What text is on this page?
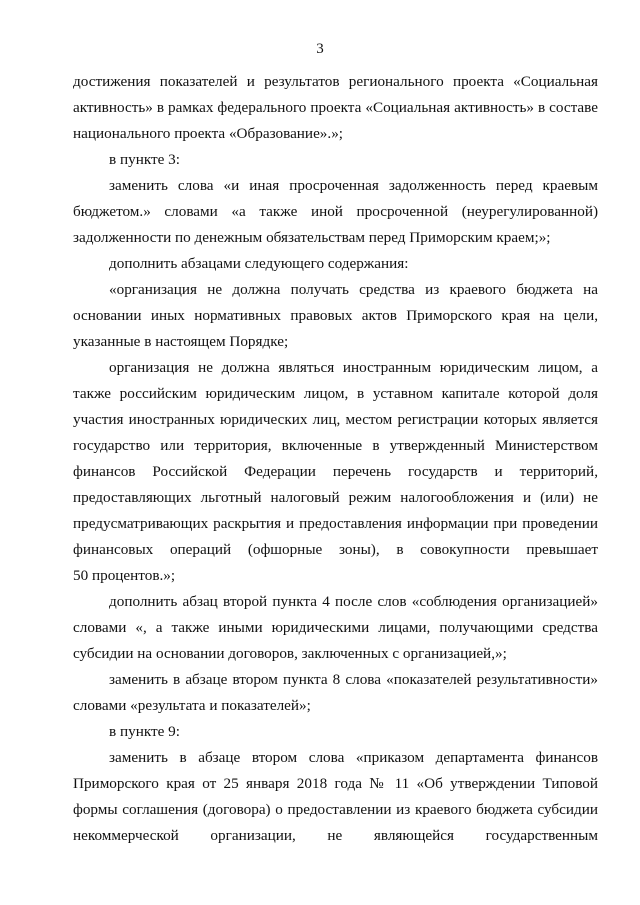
3
достижения показателей и результатов регионального проекта «Социальная
активность» в рамках федерального проекта «Социальная активность» в составе
национального проекта «Образование».»;
в пункте 3:
заменить слова «и иная просроченная задолженность перед краевым
бюджетом.» словами «а также иной просроченной (неурегулированной)
задолженности по денежным обязательствам перед Приморским краем;»;
дополнить абзацами следующего содержания:
«организация не должна получать средства из краевого бюджета на
основании иных нормативных правовых актов Приморского края на цели,
указанные в настоящем Порядке;
организация не должна являться иностранным юридическим лицом, а
также российским юридическим лицом, в уставном капитале которой доля
участия иностранных юридических лиц, местом регистрации которых является
государство или территория, включенные в утвержденный Министерством
финансов Российской Федерации перечень государств и территорий,
предоставляющих льготный налоговый режим налогообложения и (или) не
предусматривающих раскрытия и предоставления информации при проведении
финансовых операций (офшорные зоны), в совокупности превышает
50 процентов.»;
дополнить абзац второй пункта 4 после слов «соблюдения организацией»
словами «, а также иными юридическими лицами, получающими средства
субсидии на основании договоров, заключенных с организацией,»;
заменить в абзаце втором пункта 8 слова «показателей результативности»
словами «результата и показателей»;
в пункте 9:
заменить в абзаце втором слова «приказом департамента финансов
Приморского края от 25 января 2018 года № 11 «Об утверждении Типовой
формы соглашения (договора) о предоставлении из краевого бюджета субсидии
некоммерческой организации, не являющейся государственным
